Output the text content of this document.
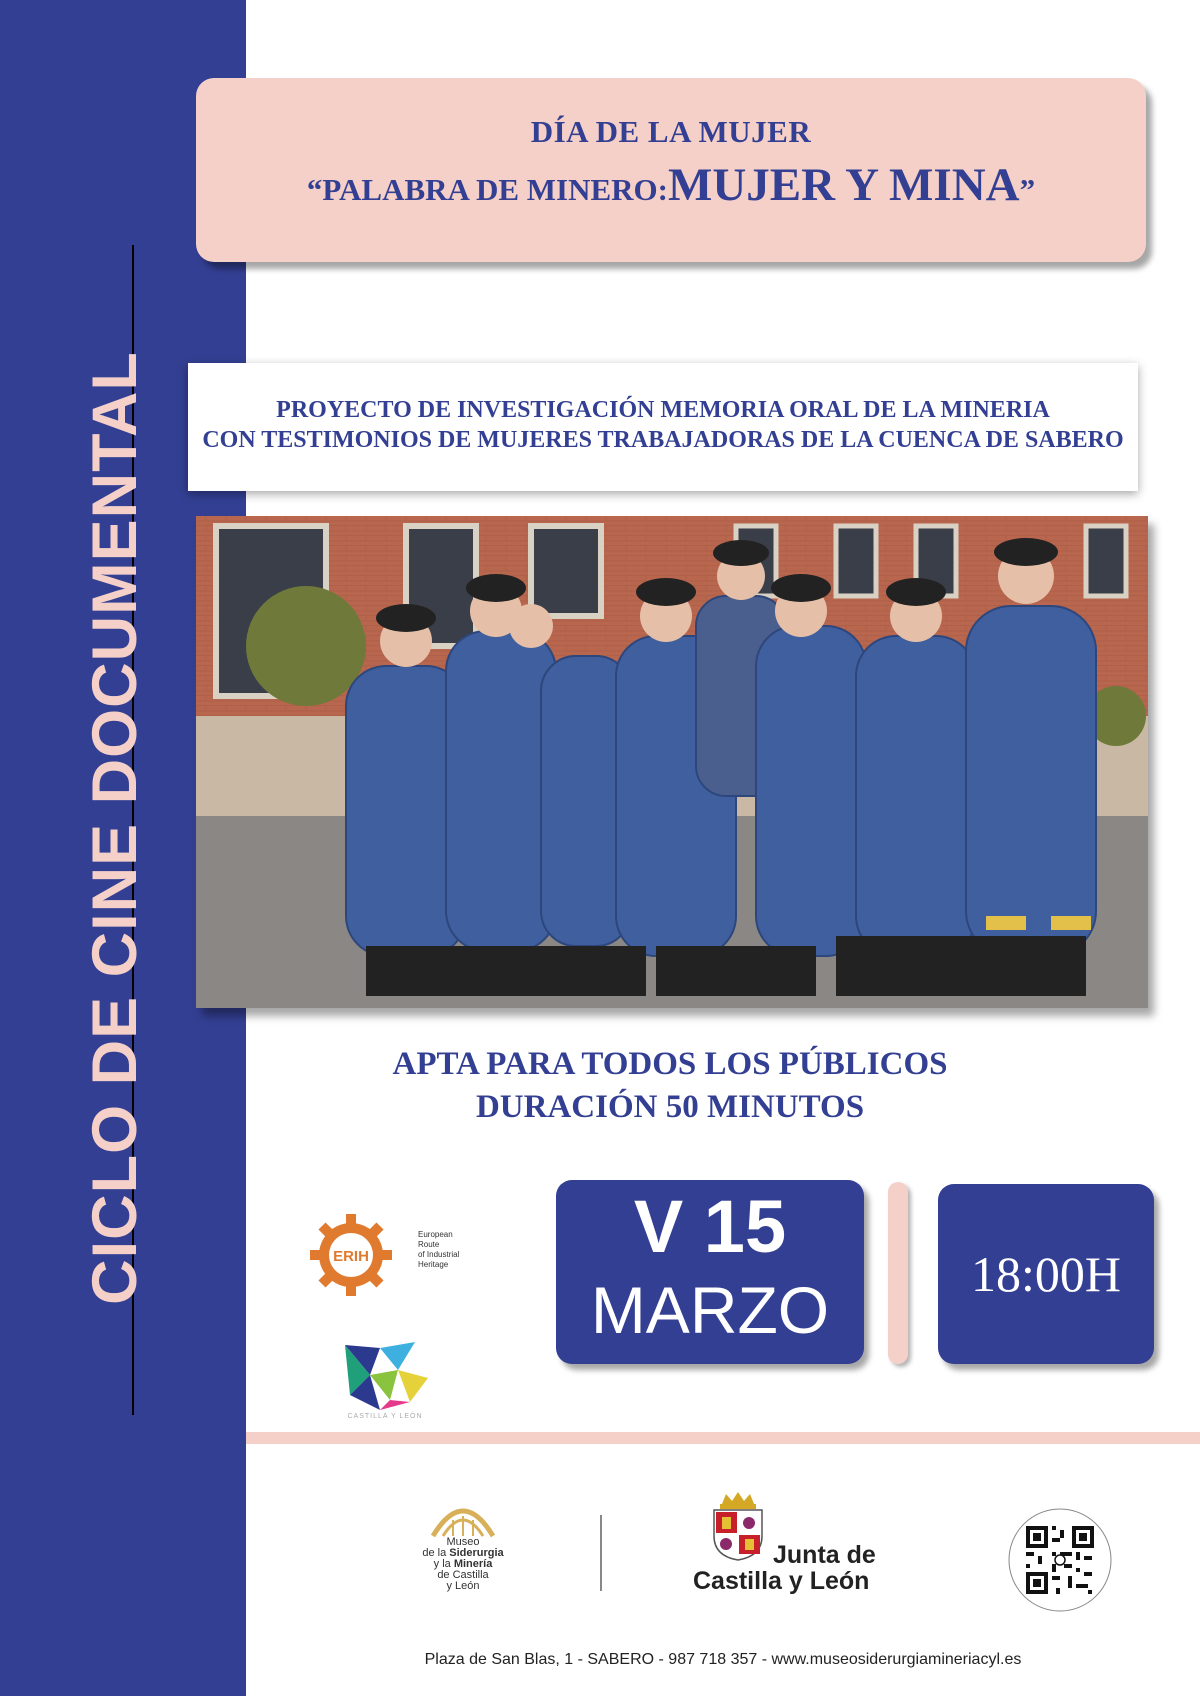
CICLO DE CINE DOCUMENTAL
DÍA DE LA MUJER
“PALABRA DE MINERO:MUJER Y MINA”
PROYECTO DE INVESTIGACIÓN MEMORIA ORAL DE LA MINERIA
CON TESTIMONIOS DE MUJERES TRABAJADORAS DE LA CUENCA DE SABERO
APTA PARA TODOS LOS PÚBLICOS
DURACIÓN 50 MINUTOS
ERIH
European
Route
of Industrial
Heritage
CASTILLA Y LEÓN
V 15
MARZO	18:00H
Museo
de la Siderurgia
y la Minería
de Castilla
y León
Junta de
Castilla y León
Plaza de San Blas, 1 - SABERO - 987 718 357 - www.museosiderurgiamineriacyl.es
